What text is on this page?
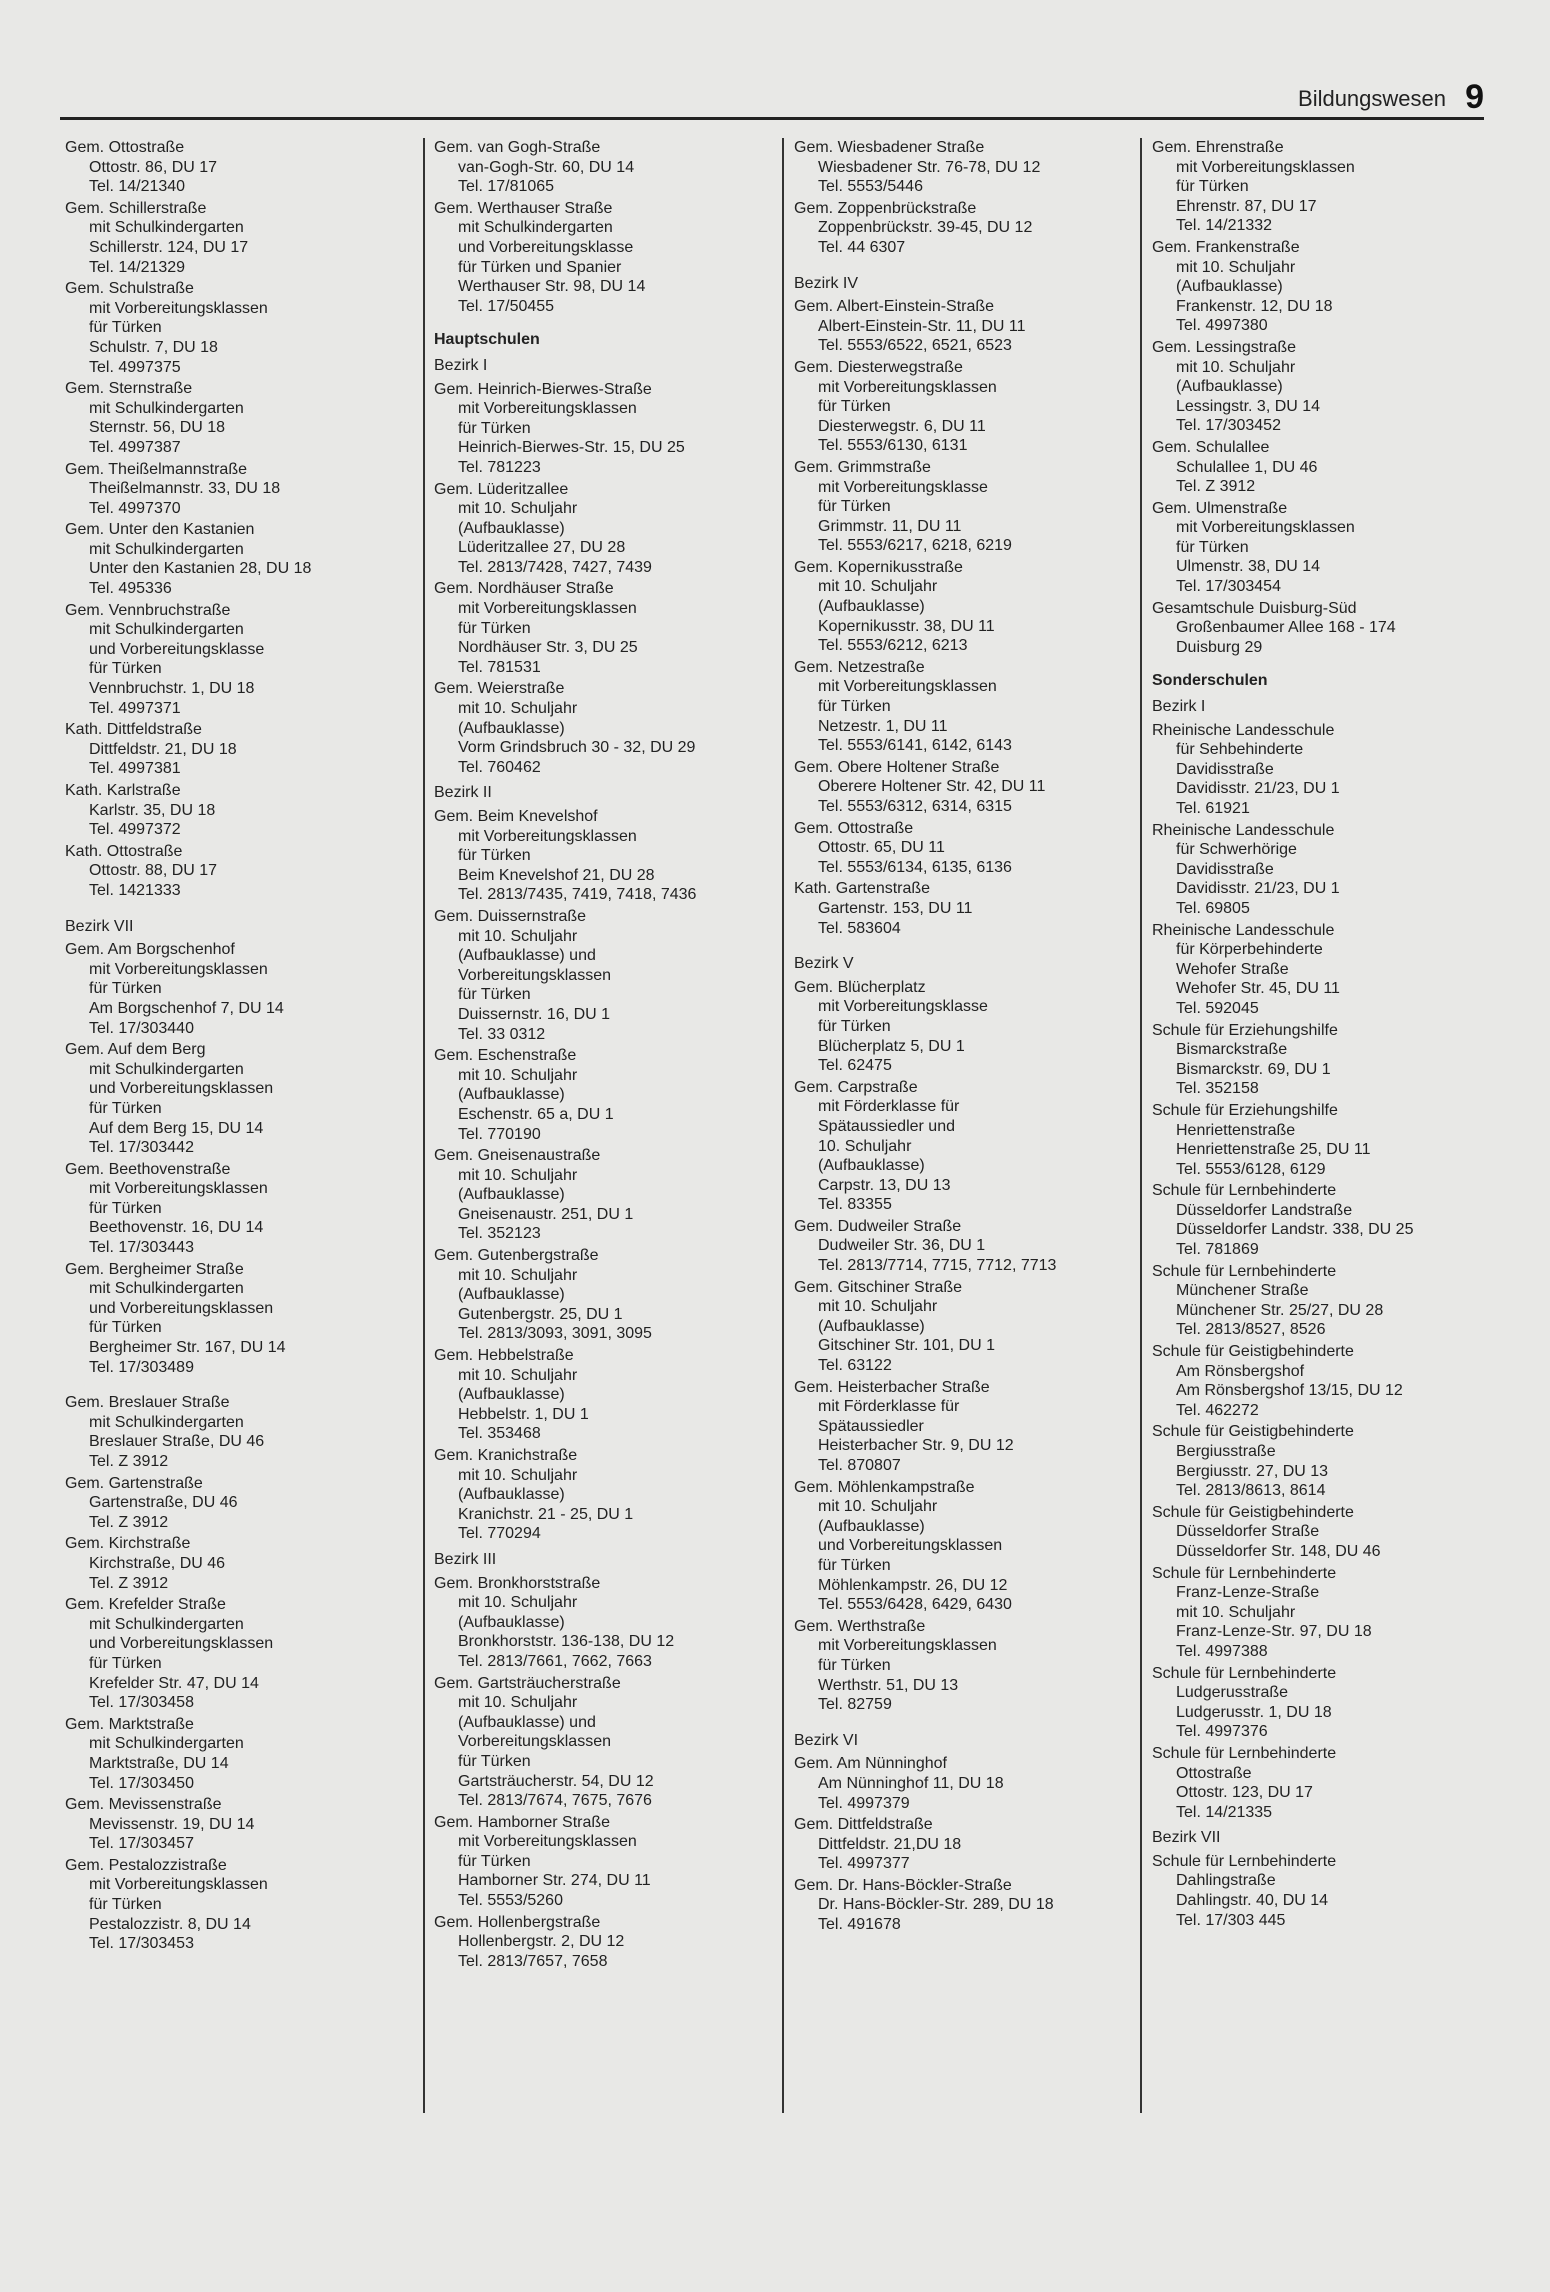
Bildungswesen 9
Gem. Ottostraße
Ottostr. 86, DU 17
Tel. 14/21340
Gem. Schillerstraße
mit Schulkindergarten
Schillerstr. 124, DU 17
Tel. 14/21329
Gem. Schulstraße
mit Vorbereitungsklassen
für Türken
Schulstr. 7, DU 18
Tel. 4997375
Gem. Sternstraße
mit Schulkindergarten
Sternstr. 56, DU 18
Tel. 4997387
Gem. Theißelmannstraße
Theißelmannstr. 33, DU 18
Tel. 4997370
Gem. Unter den Kastanien
mit Schulkindergarten
Unter den Kastanien 28, DU 18
Tel. 495336
Gem. Vennbruchstraße
mit Schulkindergarten
und Vorbereitungsklasse
für Türken
Vennbruchstr. 1, DU 18
Tel. 4997371
Kath. Dittfeldstraße
Dittfeldstr. 21, DU 18
Tel. 4997381
Kath. Karlstraße
Karlstr. 35, DU 18
Tel. 4997372
Kath. Ottostraße
Ottostr. 88, DU 17
Tel. 1421333
Bezirk VII
Gem. Am Borgschenhof
mit Vorbereitungsklassen
für Türken
Am Borgschenhof 7, DU 14
Tel. 17/303440
Gem. Auf dem Berg
mit Schulkindergarten
und Vorbereitungsklassen
für Türken
Auf dem Berg 15, DU 14
Tel. 17/303442
Gem. Beethovenstraße
mit Vorbereitungsklassen
für Türken
Beethovenstr. 16, DU 14
Tel. 17/303443
Gem. Bergheimer Straße
mit Schulkindergarten
und Vorbereitungsklassen
für Türken
Bergheimer Str. 167, DU 14
Tel. 17/303489
Gem. Breslauer Straße
mit Schulkindergarten
Breslauer Straße, DU 46
Tel. Z 3912
Gem. Gartenstraße
Gartenstraße, DU 46
Tel. Z 3912
Gem. Kirchstraße
Kirchstraße, DU 46
Tel. Z 3912
Gem. Krefelder Straße
mit Schulkindergarten
und Vorbereitungsklassen
für Türken
Krefelder Str. 47, DU 14
Tel. 17/303458
Gem. Marktstraße
mit Schulkindergarten
Marktstraße, DU 14
Tel. 17/303450
Gem. Mevissenstraße
Mevissenstr. 19, DU 14
Tel. 17/303457
Gem. Pestalozzistraße
mit Vorbereitungsklassen
für Türken
Pestalozzistr. 8, DU 14
Tel. 17/303453
Gem. van Gogh-Straße
van-Gogh-Str. 60, DU 14
Tel. 17/81065
Gem. Werthauser Straße
mit Schulkindergarten
und Vorbereitungsklasse
für Türken und Spanier
Werthauser Str. 98, DU 14
Tel. 17/50455
Hauptschulen
Bezirk I
Gem. Heinrich-Bierwes-Straße
mit Vorbereitungsklassen
für Türken
Heinrich-Bierwes-Str. 15, DU 25
Tel. 781223
Gem. Lüderitzallee
mit 10. Schuljahr
(Aufbauklasse)
Lüderitzallee 27, DU 28
Tel. 2813/7428, 7427, 7439
Gem. Nordhäuser Straße
mit Vorbereitungsklassen
für Türken
Nordhäuser Str. 3, DU 25
Tel. 781531
Gem. Weierstraße
mit 10. Schuljahr
(Aufbauklasse)
Vorm Grindsbruch 30 - 32, DU 29
Tel. 760462
Bezirk II
Gem. Beim Knevelshof
mit Vorbereitungsklassen
für Türken
Beim Knevelshof 21, DU 28
Tel. 2813/7435, 7419, 7418, 7436
Gem. Duissernstraße
mit 10. Schuljahr
(Aufbauklasse) und
Vorbereitungsklassen
für Türken
Duissernstr. 16, DU 1
Tel. 33 0312
Gem. Eschenstraße
mit 10. Schuljahr
(Aufbauklasse)
Eschenstr. 65 a, DU 1
Tel. 770190
Gem. Gneisenaustraße
mit 10. Schuljahr
(Aufbauklasse)
Gneisenaustr. 251, DU 1
Tel. 352123
Gem. Gutenbergstraße
mit 10. Schuljahr
(Aufbauklasse)
Gutenbergstr. 25, DU 1
Tel. 2813/3093, 3091, 3095
Gem. Hebbelstraße
mit 10. Schuljahr
(Aufbauklasse)
Hebbelstr. 1, DU 1
Tel. 353468
Gem. Kranichstraße
mit 10. Schuljahr
(Aufbauklasse)
Kranichstr. 21 - 25, DU 1
Tel. 770294
Bezirk III
Gem. Bronkhorststraße
mit 10. Schuljahr
(Aufbauklasse)
Bronkhorststr. 136-138, DU 12
Tel. 2813/7661, 7662, 7663
Gem. Gartsträucherstraße
mit 10. Schuljahr
(Aufbauklasse) und
Vorbereitungsklassen
für Türken
Gartsträucherstr. 54, DU 12
Tel. 2813/7674, 7675, 7676
Gem. Hamborner Straße
mit Vorbereitungsklassen
für Türken
Hamborner Str. 274, DU 11
Tel. 5553/5260
Gem. Hollenbergstraße
Hollenbergstr. 2, DU 12
Tel. 2813/7657, 7658
Gem. Wiesbadener Straße
Wiesbadener Str. 76-78, DU 12
Tel. 5553/5446
Gem. Zoppenbrückstraße
Zoppenbrückstr. 39-45, DU 12
Tel. 44 6307
Bezirk IV
Gem. Albert-Einstein-Straße
Albert-Einstein-Str. 11, DU 11
Tel. 5553/6522, 6521, 6523
Gem. Diesterwegstraße
mit Vorbereitungsklassen
für Türken
Diesterwegstr. 6, DU 11
Tel. 5553/6130, 6131
Gem. Grimmstraße
mit Vorbereitungsklasse
für Türken
Grimmstr. 11, DU 11
Tel. 5553/6217, 6218, 6219
Gem. Kopernikusstraße
mit 10. Schuljahr
(Aufbauklasse)
Kopernikusstr. 38, DU 11
Tel. 5553/6212, 6213
Gem. Netzestraße
mit Vorbereitungsklassen
für Türken
Netzestr. 1, DU 11
Tel. 5553/6141, 6142, 6143
Gem. Obere Holtener Straße
Oberere Holtener Str. 42, DU 11
Tel. 5553/6312, 6314, 6315
Gem. Ottostraße
Ottostr. 65, DU 11
Tel. 5553/6134, 6135, 6136
Kath. Gartenstraße
Gartenstr. 153, DU 11
Tel. 583604
Bezirk V
Gem. Blücherplatz
mit Vorbereitungsklasse
für Türken
Blücherplatz 5, DU 1
Tel. 62475
Gem. Carpstraße
mit Förderklasse für
Spätaussiedler und
10. Schuljahr
(Aufbauklasse)
Carpstr. 13, DU 13
Tel. 83355
Gem. Dudweiler Straße
Dudweiler Str. 36, DU 1
Tel. 2813/7714, 7715, 7712, 7713
Gem. Gitschiner Straße
mit 10. Schuljahr
(Aufbauklasse)
Gitschiner Str. 101, DU 1
Tel. 63122
Gem. Heisterbacher Straße
mit Förderklasse für
Spätaussiedler
Heisterbacher Str. 9, DU 12
Tel. 870807
Gem. Möhlenkampstraße
mit 10. Schuljahr
(Aufbauklasse)
und Vorbereitungsklassen
für Türken
Möhlenkampstr. 26, DU 12
Tel. 5553/6428, 6429, 6430
Gem. Werthstraße
mit Vorbereitungsklassen
für Türken
Werthstr. 51, DU 13
Tel. 82759
Bezirk VI
Gem. Am Nünninghof
Am Nünninghof 11, DU 18
Tel. 4997379
Gem. Dittfeldstraße
Dittfeldstr. 21,DU 18
Tel. 4997377
Gem. Dr. Hans-Böckler-Straße
Dr. Hans-Böckler-Str. 289, DU 18
Tel. 491678
Gem. Ehrenstraße
mit Vorbereitungsklassen
für Türken
Ehrenstr. 87, DU 17
Tel. 14/21332
Gem. Frankenstraße
mit 10. Schuljahr
(Aufbauklasse)
Frankenstr. 12, DU 18
Tel. 4997380
Gem. Lessingstraße
mit 10. Schuljahr
(Aufbauklasse)
Lessingstr. 3, DU 14
Tel. 17/303452
Gem. Schulallee
Schulallee 1, DU 46
Tel. Z 3912
Gem. Ulmenstraße
mit Vorbereitungsklassen
für Türken
Ulmenstr. 38, DU 14
Tel. 17/303454
Gesamtschule Duisburg-Süd
Großenbaumer Allee 168 - 174
Duisburg 29
Sonderschulen
Bezirk I
Rheinische Landesschule
für Sehbehinderte
Davidisstraße
Davidisstr. 21/23, DU 1
Tel. 61921
Rheinische Landesschule
für Schwerhörige
Davidisstraße
Davidisstr. 21/23, DU 1
Tel. 69805
Rheinische Landesschule
für Körperbehinderte
Wehofer Straße
Wehofer Str. 45, DU 11
Tel. 592045
Schule für Erziehungshilfe
Bismarckstraße
Bismarckstr. 69, DU 1
Tel. 352158
Schule für Erziehungshilfe
Henriettenstraße
Henriettenstraße 25, DU 11
Tel. 5553/6128, 6129
Schule für Lernbehinderte
Düsseldorfer Landstraße
Düsseldorfer Landstr. 338, DU 25
Tel. 781869
Schule für Lernbehinderte
Münchener Straße
Münchener Str. 25/27, DU 28
Tel. 2813/8527, 8526
Schule für Geistigbehinderte
Am Rönsbergshof
Am Rönsbergshof 13/15, DU 12
Tel. 462272
Schule für Geistigbehinderte
Bergiusstraße
Bergiusstr. 27, DU 13
Tel. 2813/8613, 8614
Schule für Geistigbehinderte
Düsseldorfer Straße
Düsseldorfer Str. 148, DU 46
Schule für Lernbehinderte
Franz-Lenze-Straße
mit 10. Schuljahr
Franz-Lenze-Str. 97, DU 18
Tel. 4997388
Schule für Lernbehinderte
Ludgerusstraße
Ludgerusstr. 1, DU 18
Tel. 4997376
Schule für Lernbehinderte
Ottostraße
Ottostr. 123, DU 17
Tel. 14/21335
Bezirk VII
Schule für Lernbehinderte
Dahlingstraße
Dahlingstr. 40, DU 14
Tel. 17/303 445
